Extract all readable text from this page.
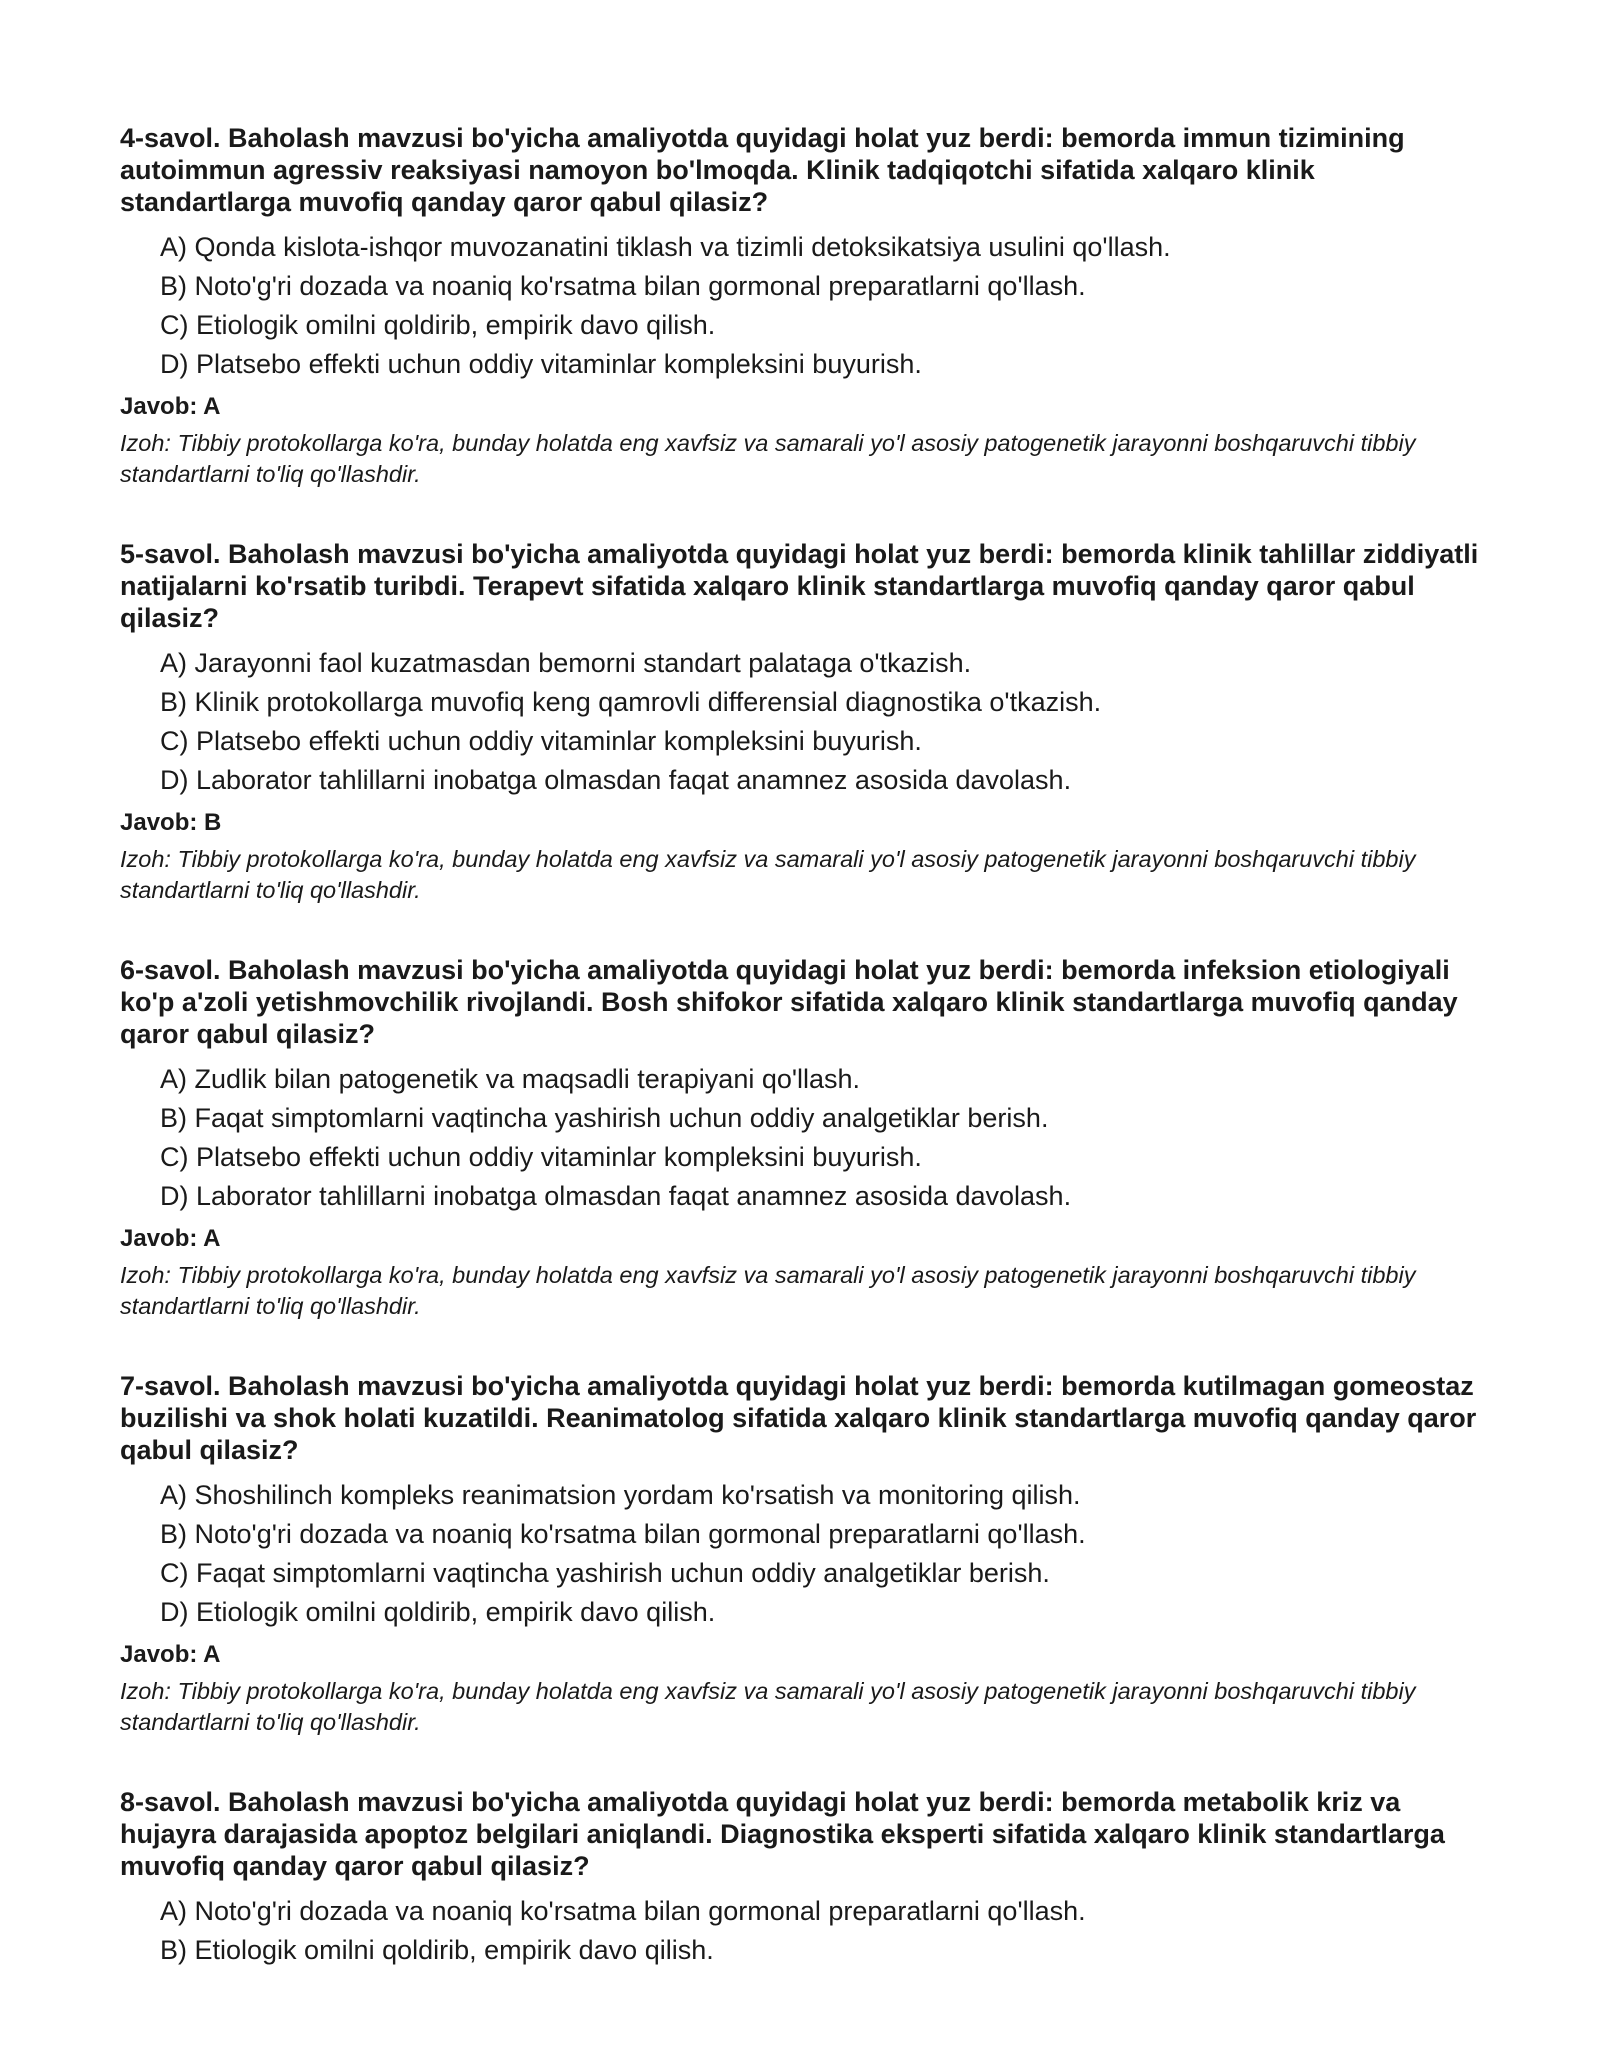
4-savol. Baholash mavzusi bo'yicha amaliyotda quyidagi holat yuz berdi: bemorda immun tizimining autoimmun agressiv reaksiyasi namoyon bo'lmoqda. Klinik tadqiqotchi sifatida xalqaro klinik standartlarga muvofiq qanday qaror qabul qilasiz?

A) Qonda kislota-ishqor muvozanatini tiklash va tizimli detoksikatsiya usulini qo'llash.
B) Noto'g'ri dozada va noaniq ko'rsatma bilan gormonal preparatlarni qo'llash.
C) Etiologik omilni qoldirib, empirik davo qilish.
D) Platsebo effekti uchun oddiy vitaminlar kompleksini buyurish.

Javob: A

Izoh: Tibbiy protokollarga ko'ra, bunday holatda eng xavfsiz va samarali yo'l asosiy patogenetik jarayonni boshqaruvchi tibbiy standartlarni to'liq qo'llashdir.

5-savol. Baholash mavzusi bo'yicha amaliyotda quyidagi holat yuz berdi: bemorda klinik tahlillar ziddiyatli natijalarni ko'rsatib turibdi. Terapevt sifatida xalqaro klinik standartlarga muvofiq qanday qaror qabul qilasiz?

A) Jarayonni faol kuzatmasdan bemorni standart palataga o'tkazish.
B) Klinik protokollarga muvofiq keng qamrovli differensial diagnostika o'tkazish.
C) Platsebo effekti uchun oddiy vitaminlar kompleksini buyurish.
D) Laborator tahlillarni inobatga olmasdan faqat anamnez asosida davolash.

Javob: B

Izoh: Tibbiy protokollarga ko'ra, bunday holatda eng xavfsiz va samarali yo'l asosiy patogenetik jarayonni boshqaruvchi tibbiy standartlarni to'liq qo'llashdir.

6-savol. Baholash mavzusi bo'yicha amaliyotda quyidagi holat yuz berdi: bemorda infeksion etiologiyali ko'p a'zoli yetishmovchilik rivojlandi. Bosh shifokor sifatida xalqaro klinik standartlarga muvofiq qanday qaror qabul qilasiz?

A) Zudlik bilan patogenetik va maqsadli terapiyani qo'llash.
B) Faqat simptomlarni vaqtincha yashirish uchun oddiy analgetiklar berish.
C) Platsebo effekti uchun oddiy vitaminlar kompleksini buyurish.
D) Laborator tahlillarni inobatga olmasdan faqat anamnez asosida davolash.

Javob: A

Izoh: Tibbiy protokollarga ko'ra, bunday holatda eng xavfsiz va samarali yo'l asosiy patogenetik jarayonni boshqaruvchi tibbiy standartlarni to'liq qo'llashdir.

7-savol. Baholash mavzusi bo'yicha amaliyotda quyidagi holat yuz berdi: bemorda kutilmagan gomeostaz buzilishi va shok holati kuzatildi. Reanimatolog sifatida xalqaro klinik standartlarga muvofiq qanday qaror qabul qilasiz?

A) Shoshilinch kompleks reanimatsion yordam ko'rsatish va monitoring qilish.
B) Noto'g'ri dozada va noaniq ko'rsatma bilan gormonal preparatlarni qo'llash.
C) Faqat simptomlarni vaqtincha yashirish uchun oddiy analgetiklar berish.
D) Etiologik omilni qoldirib, empirik davo qilish.

Javob: A

Izoh: Tibbiy protokollarga ko'ra, bunday holatda eng xavfsiz va samarali yo'l asosiy patogenetik jarayonni boshqaruvchi tibbiy standartlarni to'liq qo'llashdir.

8-savol. Baholash mavzusi bo'yicha amaliyotda quyidagi holat yuz berdi: bemorda metabolik kriz va hujayra darajasida apoptoz belgilari aniqlandi. Diagnostika eksperti sifatida xalqaro klinik standartlarga muvofiq qanday qaror qabul qilasiz?

A) Noto'g'ri dozada va noaniq ko'rsatma bilan gormonal preparatlarni qo'llash.
B) Etiologik omilni qoldirib, empirik davo qilish.
